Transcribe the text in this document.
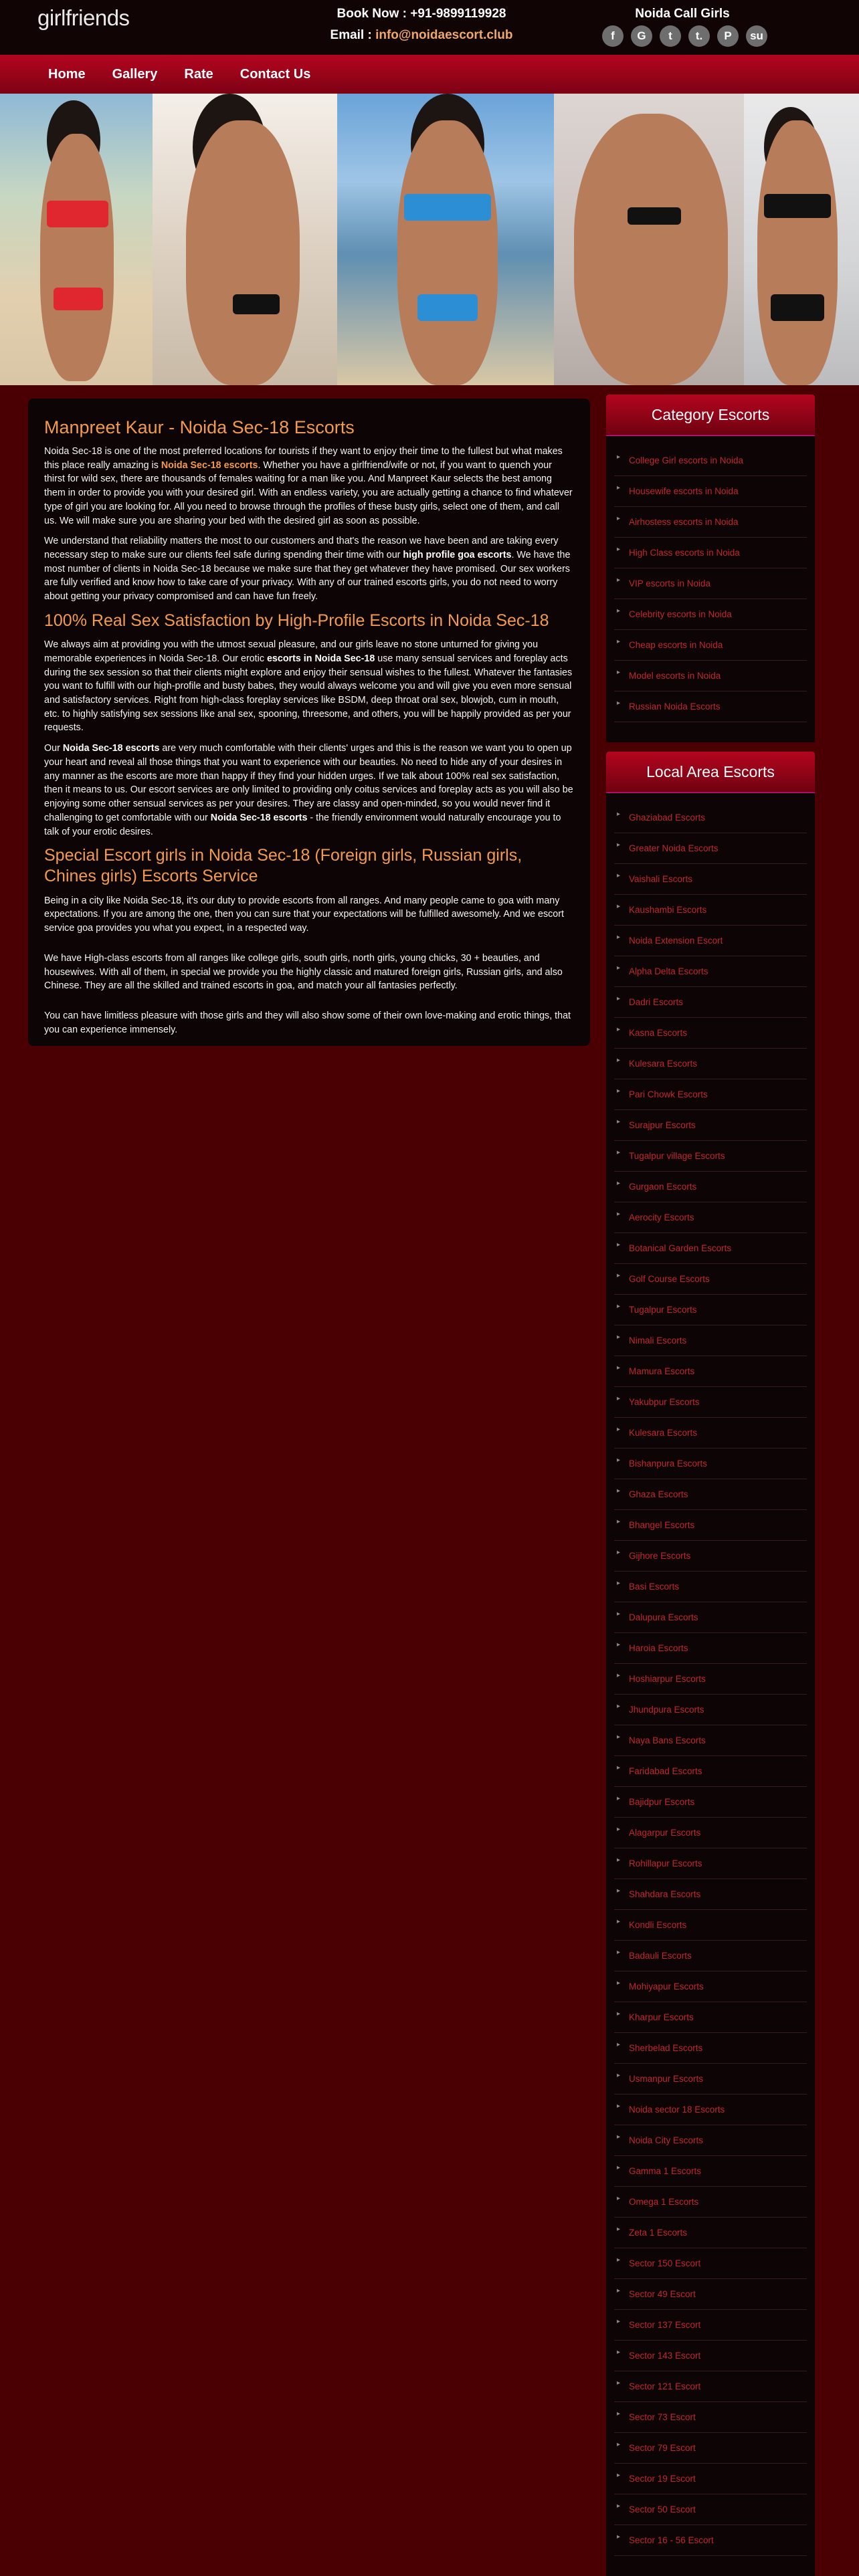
girlfriends	Book Now : +91-9899119928
Email : info@noidaescort.club
Noida Call Girls
f	G	t	t.	P	su
Home Gallery Rate Contact Us
Manpreet Kaur - Noida Sec-18 Escorts

Noida Sec-18 is one of the most preferred locations for tourists if they want to enjoy their time to the fullest but what makes this place really amazing is Noida Sec-18 escorts. Whether you have a girlfriend/wife or not, if you want to quench your thirst for wild sex, there are thousands of females waiting for a man like you. And Manpreet Kaur selects the best among them in order to provide you with your desired girl. With an endless variety, you are actually getting a chance to find whatever type of girl you are looking for. All you need to browse through the profiles of these busty girls, select one of them, and call us. We will make sure you are sharing your bed with the desired girl as soon as possible.

We understand that reliability matters the most to our customers and that's the reason we have been and are taking every necessary step to make sure our clients feel safe during spending their time with our high profile goa escorts. We have the most number of clients in Noida Sec-18 because we make sure that they get whatever they have promised. Our sex workers are fully verified and know how to take care of your privacy. With any of our trained escorts girls, you do not need to worry about getting your privacy compromised and can have fun freely.

100% Real Sex Satisfaction by High-Profile Escorts in Noida Sec-18

We always aim at providing you with the utmost sexual pleasure, and our girls leave no stone unturned for giving you memorable experiences in Noida Sec-18. Our erotic escorts in Noida Sec-18 use many sensual services and foreplay acts during the sex session so that their clients might explore and enjoy their sensual wishes to the fullest. Whatever the fantasies you want to fulfill with our high-profile and busty babes, they would always welcome you and will give you even more sensual and satisfactory services. Right from high-class foreplay services like BSDM, deep throat oral sex, blowjob, cum in mouth, etc. to highly satisfying sex sessions like anal sex, spooning, threesome, and others, you will be happily provided as per your requests.

Our Noida Sec-18 escorts are very much comfortable with their clients' urges and this is the reason we want you to open up your heart and reveal all those things that you want to experience with our beauties. No need to hide any of your desires in any manner as the escorts are more than happy if they find your hidden urges. If we talk about 100% real sex satisfaction, then it means to us. Our escort services are only limited to providing only coitus services and foreplay acts as you will also be enjoying some other sensual services as per your desires. They are classy and open-minded, so you would never find it challenging to get comfortable with our Noida Sec-18 escorts - the friendly environment would naturally encourage you to talk of your erotic desires.

Special Escort girls in Noida Sec-18 (Foreign girls, Russian girls, Chines girls) Escorts Service

Being in a city like Noida Sec-18, it's our duty to provide escorts from all ranges. And many people came to goa with many expectations. If you are among the one, then you can sure that your expectations will be fulfilled awesomely. And we escort service goa provides you what you expect, in a respected way.

We have High-class escorts from all ranges like college girls, south girls, north girls, young chicks, 30 + beauties, and housewives. With all of them, in special we provide you the highly classic and matured foreign girls, Russian girls, and also Chinese. They are all the skilled and trained escorts in goa, and match your all fantasies perfectly.

You can have limitless pleasure with those girls and they will also show some of their own love-making and erotic things, that you can experience immensely.

Category Escorts
▸ College Girl escorts in Noida
▸ Housewife escorts in Noida
▸ Airhostess escorts in Noida
▸ High Class escorts in Noida
▸ VIP escorts in Noida
▸ Celebrity escorts in Noida
▸ Cheap escorts in Noida
▸ Model escorts in Noida
▸ Russian Noida Escorts
Local Area Escorts
▸ Ghaziabad Escorts
▸ Greater Noida Escorts
▸ Vaishali Escorts
▸ Kaushambi Escorts
▸ Noida Extension Escort
▸ Alpha Delta Escorts
▸ Dadri Escorts
▸ Kasna Escorts
▸ Kulesara Escorts
▸ Pari Chowk Escorts
▸ Surajpur Escorts
▸ Tugalpur village Escorts
▸ Gurgaon Escorts
▸ Aerocity Escorts
▸ Botanical Garden Escorts
▸ Golf Course Escorts
▸ Tugalpur Escorts
▸ Nimali Escorts
▸ Mamura Escorts
▸ Yakubpur Escorts
▸ Kulesara Escorts
▸ Bishanpura Escorts
▸ Ghaza Escorts
▸ Bhangel Escorts
▸ Gijhore Escorts
▸ Basi Escorts
▸ Dalupura Escorts
▸ Haroia Escorts
▸ Hoshiarpur Escorts
▸ Jhundpura Escorts
▸ Naya Bans Escorts
▸ Faridabad Escorts
▸ Bajidpur Escorts
▸ Alagarpur Escorts
▸ Rohillapur Escorts
▸ Shahdara Escorts
▸ Kondli Escorts
▸ Badauli Escorts
▸ Mohiyapur Escorts
▸ Kharpur Escorts
▸ Sherbelad Escorts
▸ Usmanpur Escorts
▸ Noida sector 18 Escorts
▸ Noida City Escorts
▸ Gamma 1 Escorts
▸ Omega 1 Escorts
▸ Zeta 1 Escorts
▸ Sector 150 Escort
▸ Sector 49 Escort
▸ Sector 137 Escort
▸ Sector 143 Escort
▸ Sector 121 Escort
▸ Sector 73 Escort
▸ Sector 79 Escort
▸ Sector 19 Escort
▸ Sector 50 Escort
▸ Sector 16 - 56 Escort
